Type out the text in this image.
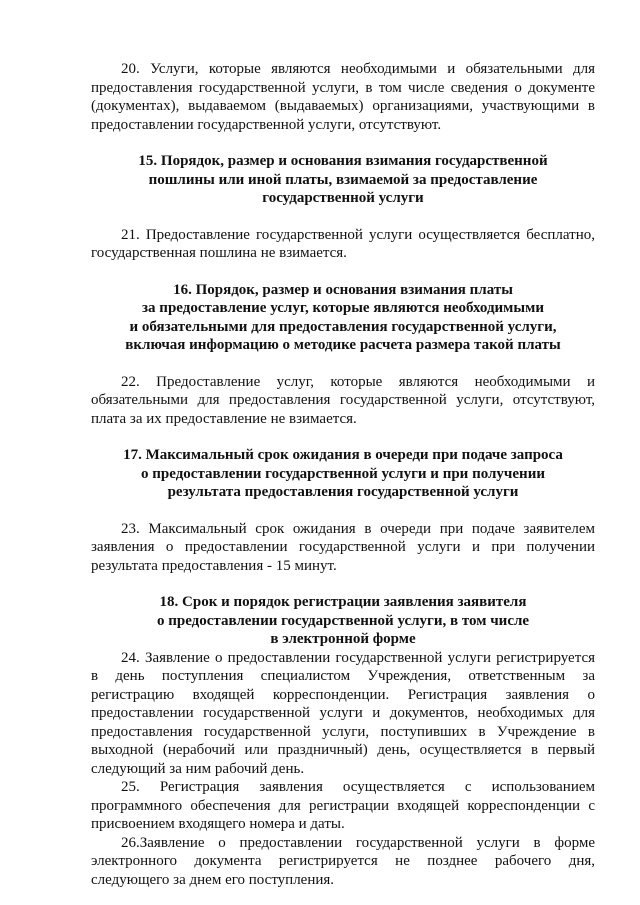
20. Услуги, которые являются необходимыми и обязательными для предоставления государственной услуги, в том числе сведения о документе (документах), выдаваемом (выдаваемых) организациями, участвующими в предоставлении государственной услуги, отсутствуют.

15. Порядок, размер и основания взимания государственной
пошлины или иной платы, взимаемой за предоставление
государственной услуги

21. Предоставление государственной услуги осуществляется бесплатно, государственная пошлина не взимается.

16. Порядок, размер и основания взимания платы
за предоставление услуг, которые являются необходимыми
и обязательными для предоставления государственной услуги,
включая информацию о методике расчета размера такой платы

22. Предоставление услуг, которые являются необходимыми и обязательными для предоставления государственной услуги, отсутствуют, плата за их предоставление не взимается.

17. Максимальный срок ожидания в очереди при подаче запроса
о предоставлении государственной услуги и при получении
результата предоставления государственной услуги

23. Максимальный срок ожидания в очереди при подаче заявителем заявления о предоставлении государственной услуги и при получении результата предоставления - 15 минут.

18. Срок и порядок регистрации заявления заявителя
о предоставлении государственной услуги, в том числе
в электронной форме

24. Заявление о предоставлении государственной услуги регистрируется в день поступления специалистом Учреждения, ответственным за регистрацию входящей корреспонденции. Регистрация заявления о предоставлении государственной услуги и документов, необходимых для предоставления государственной услуги, поступивших в Учреждение в выходной (нерабочий или праздничный) день, осуществляется в первый следующий за ним рабочий день.

25. Регистрация заявления осуществляется с использованием программного обеспечения для регистрации входящей корреспонденции с присвоением входящего номера и даты.

26.Заявление о предоставлении государственной услуги в форме электронного документа регистрируется не позднее рабочего дня, следующего за днем его поступления.
